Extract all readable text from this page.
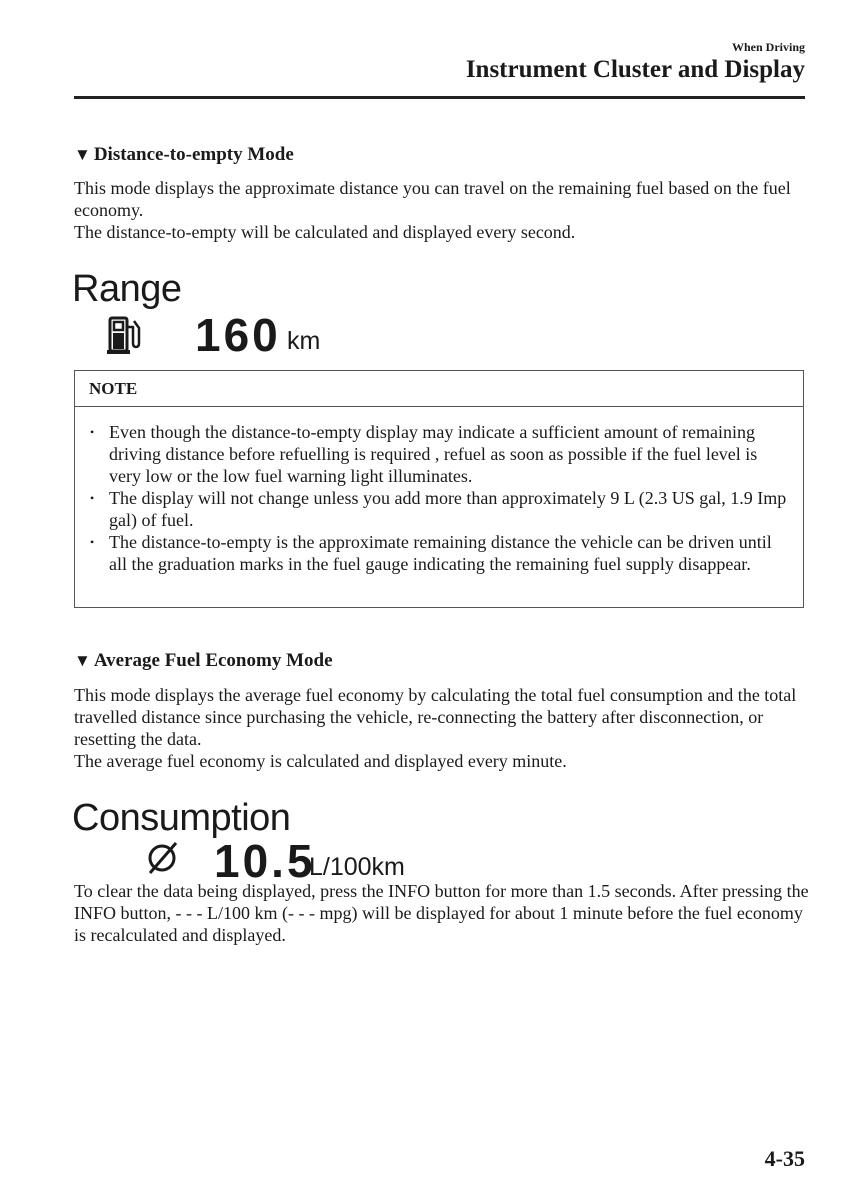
When Driving
Instrument Cluster and Display
▼ Distance-to-empty Mode

This mode displays the approximate distance you can travel on the remaining fuel based on the fuel economy.

The distance-to-empty will be calculated and displayed every second.

Range
160 km
NOTE
• Even though the distance-to-empty display may indicate a sufficient amount of remaining driving distance before refuelling is required , refuel as soon as possible if the fuel level is very low or the low fuel warning light illuminates.
• The display will not change unless you add more than approximately 9 L (2.3 US gal, 1.9 Imp gal) of fuel.
• The distance-to-empty is the approximate remaining distance the vehicle can be driven until all the graduation marks in the fuel gauge indicating the remaining fuel supply disappear.
▼ Average Fuel Economy Mode

This mode displays the average fuel economy by calculating the total fuel consumption and the total travelled distance since purchasing the vehicle, re-connecting the battery after disconnection, or resetting the data.

The average fuel economy is calculated and displayed every minute.

Consumption
10.5
L/100km

To clear the data being displayed, press the INFO button for more than 1.5 seconds. After pressing the INFO button, - - - L/100 km (- - - mpg) will be displayed for about 1 minute before the fuel economy is recalculated and displayed.

4-35
